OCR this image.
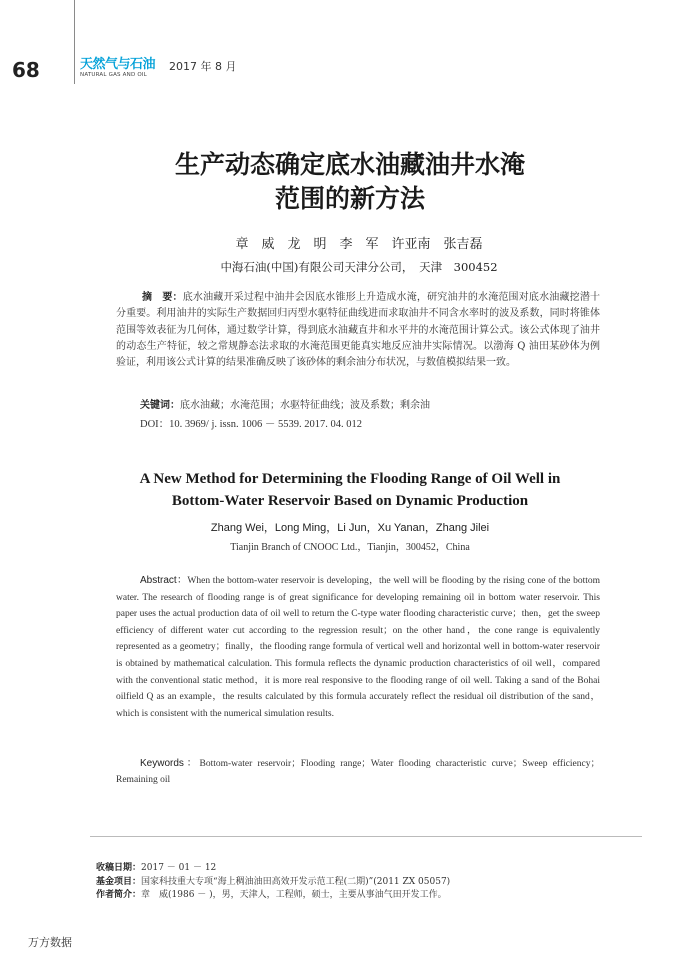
68	天然气与石油
NATURAL GAS AND OIL
2017 年 8 月
生产动态确定底水油藏油井水淹
范围的新方法
章　威　龙　明　李　军　许亚南　张吉磊
中海石油(中国)有限公司天津分公司，　天津　300452
摘　要：底水油藏开采过程中油井会因底水锥形上升造成水淹，研究油井的水淹范围对底水油藏挖潜十分重要。利用油井的实际生产数据回归丙型水驱特征曲线进而求取油井不同含水率时的波及系数，同时将锥体范围等效表征为几何体，通过数学计算，得到底水油藏直井和水平井的水淹范围计算公式。该公式体现了油井的动态生产特征，较之常规静态法求取的水淹范围更能真实地反应油井实际情况。以渤海 Q 油田某砂体为例验证，利用该公式计算的结果准确反映了该砂体的剩余油分布状况，与数值模拟结果一致。
关键词：底水油藏；水淹范围；水驱特征曲线；波及系数；剩余油
DOI：10. 3969/ j. issn. 1006 － 5539. 2017. 04. 012
A New Method for Determining the Flooding Range of Oil Well in
Bottom-Water Reservoir Based on Dynamic Production
Zhang Wei，Long Ming，Li Jun，Xu Yanan，Zhang Jilei
Tianjin Branch of CNOOC Ltd.，Tianjin，300452，China
Abstract：When the bottom-water reservoir is developing，the well will be flooding by the rising cone of the bottom water. The research of flooding range is of great significance for developing remaining oil in bottom water reservoir. This paper uses the actual production data of oil well to return the C-type water flooding characteristic curve；then，get the sweep efficiency of different water cut according to the regression result；on the other hand，the cone range is equivalently represented as a geometry；finally，the flooding range formula of vertical well and horizontal well in bottom-water reservoir is obtained by mathematical calculation. This formula reflects the dynamic production characteristics of oil well，compared with the conventional static method，it is more real responsive to the flooding range of oil well. Taking a sand of the Bohai oilfield Q as an example，the results calculated by this formula accurately reflect the residual oil distribution of the sand，which is consistent with the numerical simulation results.
Keywords：Bottom-water reservoir；Flooding range；Water flooding characteristic curve；Sweep efficiency；Remaining oil
收稿日期：2017 － 01 － 12
基金项目：国家科技重大专项“海上稠油油田高效开发示范工程(二期)”(2011 ZX 05057)
作者简介：章　威(1986 － )，男，天津人，工程师，硕士，主要从事油气田开发工作。
万方数据
